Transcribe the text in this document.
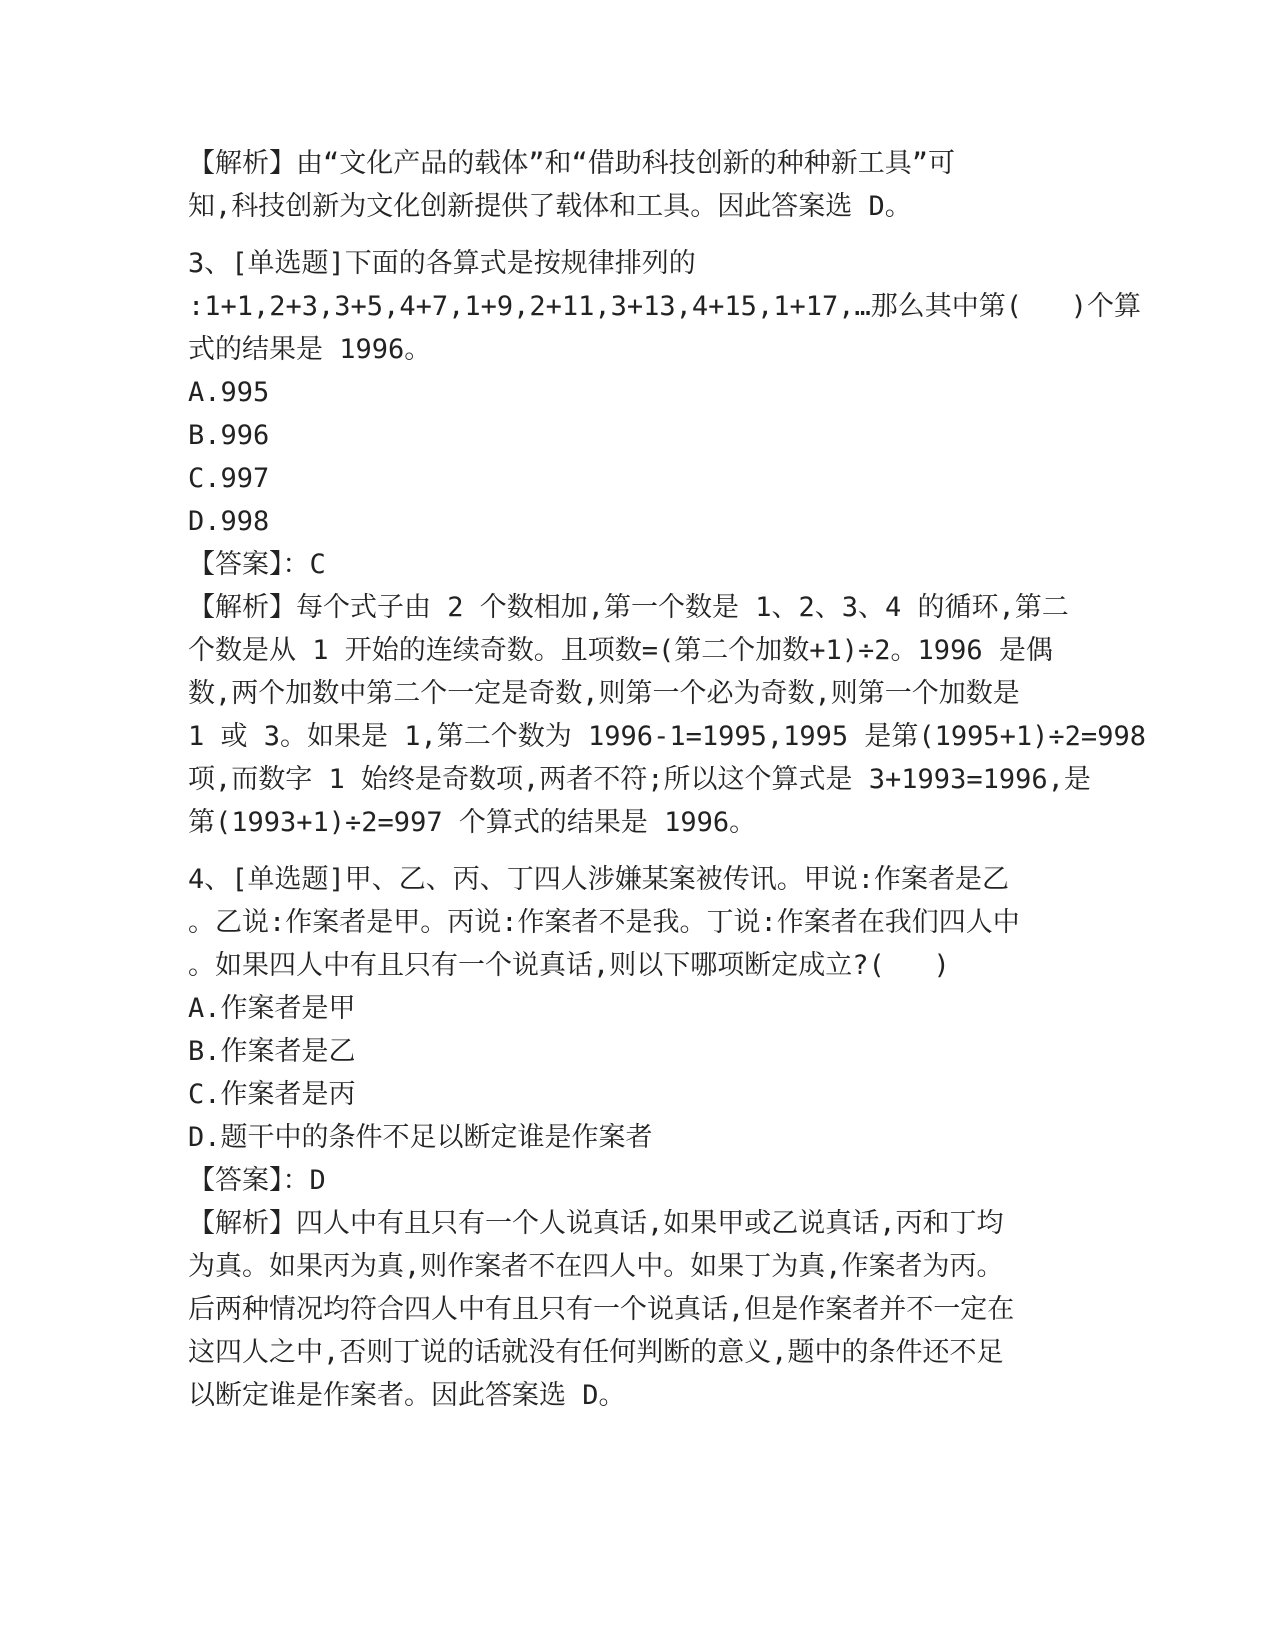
【解析】由“文化产品的载体”和“借助科技创新的种种新工具”可
知,科技创新为文化创新提供了载体和工具。因此答案选 D。
3、[单选题]下面的各算式是按规律排列的
:1+1,2+3,3+5,4+7,1+9,2+11,3+13,4+15,1+17,…那么其中第(   )个算
式的结果是 1996。
A.995
B.996
C.997
D.998
【答案】：C
【解析】每个式子由 2 个数相加,第一个数是 1、2、3、4 的循环,第二
个数是从 1 开始的连续奇数。且项数=(第二个加数+1)÷2。1996 是偶
数,两个加数中第二个一定是奇数,则第一个必为奇数,则第一个加数是
1 或 3。如果是 1,第二个数为 1996-1=1995,1995 是第(1995+1)÷2=998
项,而数字 1 始终是奇数项,两者不符;所以这个算式是 3+1993=1996,是
第(1993+1)÷2=997 个算式的结果是 1996。
4、[单选题]甲、乙、丙、丁四人涉嫌某案被传讯。甲说:作案者是乙
。乙说:作案者是甲。丙说:作案者不是我。丁说:作案者在我们四人中
。如果四人中有且只有一个说真话,则以下哪项断定成立?(   )
A.作案者是甲
B.作案者是乙
C.作案者是丙
D.题干中的条件不足以断定谁是作案者
【答案】：D
【解析】四人中有且只有一个人说真话,如果甲或乙说真话,丙和丁均
为真。如果丙为真,则作案者不在四人中。如果丁为真,作案者为丙。
后两种情况均符合四人中有且只有一个说真话,但是作案者并不一定在
这四人之中,否则丁说的话就没有任何判断的意义,题中的条件还不足
以断定谁是作案者。因此答案选 D。
